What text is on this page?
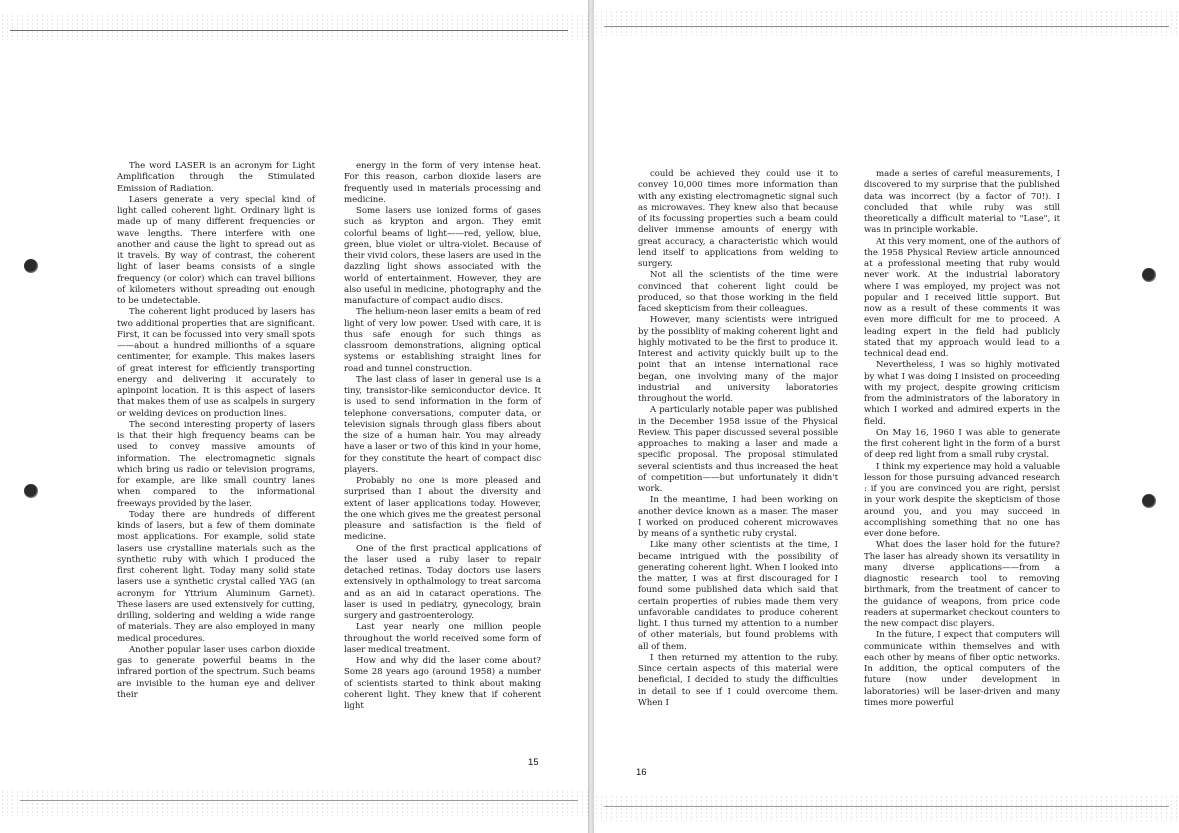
The word LASER is an acronym for Light Amplification through the Stimulated Emission of Radiation.

Lasers generate a very special kind of light called coherent light. Ordinary light is made up of many different frequencies or wave lengths. There interfere with one another and cause the light to spread out as it travels. By way of contrast, the coherent light of laser beams consists of a single frequency (or color) which can travel billions of kilometers without spreading out enough to be undetectable.

The coherent light produced by lasers has two additional properties that are significant. First, it can be focussed into very small spots ——about a hundred millionths of a square centimenter, for example. This makes lasers of great interest for efficiently transporting energy and delivering it accurately to apinpoint location. It is this aspect of lasers that makes them of use as scalpels in surgery or welding devices on production lines.

The second interesting property of lasers is that their high frequency beams can be used to convey massive amounts of information. The electromagnetic signals which bring us radio or television programs, for example, are like small country lanes when compared to the informational freeways provided by the laser.

Today there are hundreds of different kinds of lasers, but a few of them dominate most applications. For example, solid state lasers use crystalline materials such as the synthetic ruby with which I produced the first coherent light. Today many solid state lasers use a synthetic crystal called YAG (an acronym for Yttrium Aluminum Garnet). These lasers are used extensively for cutting, drilling, soldering and welding a wide range of materials. They are also employed in many medical procedures.

Another popular laser uses carbon dioxide gas to generate powerful beams in the infrared portion of the spectrum. Such beams are invisible to the human eye and deliver their

energy in the form of very intense heat. For this reason, carbon dioxide lasers are frequently used in materials processing and medicine.

Some lasers use ionized forms of gases such as krypton and argon. They emit colorful beams of light——red, yellow, blue, green, blue violet or ultra-violet. Because of their vivid colors, these lasers are used in the dazzling light shows associated with the world of entertainment. However, they are also useful in medicine, photography and the manufacture of compact audio discs.

The helium-neon laser emits a beam of red light of very low power. Used with care, it is thus safe enough for such things as classroom demonstrations, aligning optical systems or establishing straight lines for road and tunnel construction.

The last class of laser in general use is a tiny, transistor-like semiconductor device. It is used to send information in the form of telephone conversations, computer data, or television signals through glass fibers about the size of a human hair. You may already have a laser or two of this kind in your home, for they constitute the heart of compact disc players.

Probably no one is more pleased and surprised than I about the diversity and extent of laser applications today. However, the one which gives me the greatest personal pleasure and satisfaction is the field of medicine.

One of the first practical applications of the laser used a ruby laser to repair detached retinas. Today doctors use lasers extensively in opthalmology to treat sarcoma and as an aid in cataract operations. The laser is used in pediatry, gynecology, brain surgery and gastroenterology.

Last year nearly one million people throughout the world received some form of laser medical treatment.

How and why did the laser come about? Some 28 years ago (around 1958) a number of scientists started to think about making coherent light. They knew that if coherent light

15

could be achieved they could use it to convey 10,000 times more information than with any existing electromagnetic signal such as microwaves. They knew also that because of its focussing properties such a beam could deliver immense amounts of energy with great accuracy, a characteristic which would lend itself to applications from welding to surgery.

Not all the scientists of the time were convinced that coherent light could be produced, so that those working in the field faced skepticism from their colleagues.

However, many scientists were intrigued by the possiblity of making coherent light and highly motivated to be the first to produce it. Interest and activity quickly built up to the point that an intense international race began, one involving many of the major industrial and university laboratories throughout the world.

A particularly notable paper was published in the December 1958 issue of the Physical Review. This paper discussed several possible approaches to making a laser and made a specific proposal. The proposal stimulated several scientists and thus increased the heat of competition——but unfortunately it didn't work.

In the meantime, I had been working on another device known as a maser. The maser I worked on produced coherent microwaves by means of a synthetic ruby crystal.

Like many other scientists at the time, I became intrigued with the possibility of generating coherent light. When I looked into the matter, I was at first discouraged for I found some published data which said that certain properties of rubies made them very unfavorable candidates to produce coherent light. I thus turned my attention to a number of other materials, but found problems with all of them.

I then returned my attention to the ruby. Since certain aspects of this material were beneficial, I decided to study the difficulties in detail to see if I could overcome them. When I

made a series of careful measurements, I discovered to my surprise that the published data was incorrect (by a factor of 70!). I concluded that while ruby was still theoretically a difficult material to "Lase", it was in principle workable.

At this very moment, one of the authors of the 1958 Physical Review article announced at a professional meeting that ruby would never work. At the industrial laboratory where I was employed, my project was not popular and I received little support. But now as a result of these comments it was even more difficult for me to proceed. A leading expert in the field had publicly stated that my approach would lead to a technical dead end.

Nevertheless, I was so highly motivated by what I was doing I insisted on proceeding with my project, despite growing criticism from the administrators of the laboratory in which I worked and admired experts in the field.

On May 16, 1960 I was able to generate the first coherent light in the form of a burst of deep red light from a small ruby crystal.

I think my experience may hold a valuable lesson for those pursuing advanced research : if you are convinced you are right, persist in your work despite the skepticism of those around you, and you may succeed in accomplishing something that no one has ever done before.

What does the laser hold for the future? The laser has already shown its versatility in many diverse applications——from a diagnostic research tool to removing birthmark, from the treatment of cancer to the guidance of weapons, from price code readers at supermarket checkout counters to the new compact disc players.

In the future, I expect that computers will communicate within themselves and with each other by means of fiber optic networks. In addition, the optical computers of the future (now under development in laboratories) will be laser-driven and many times more powerful

16
